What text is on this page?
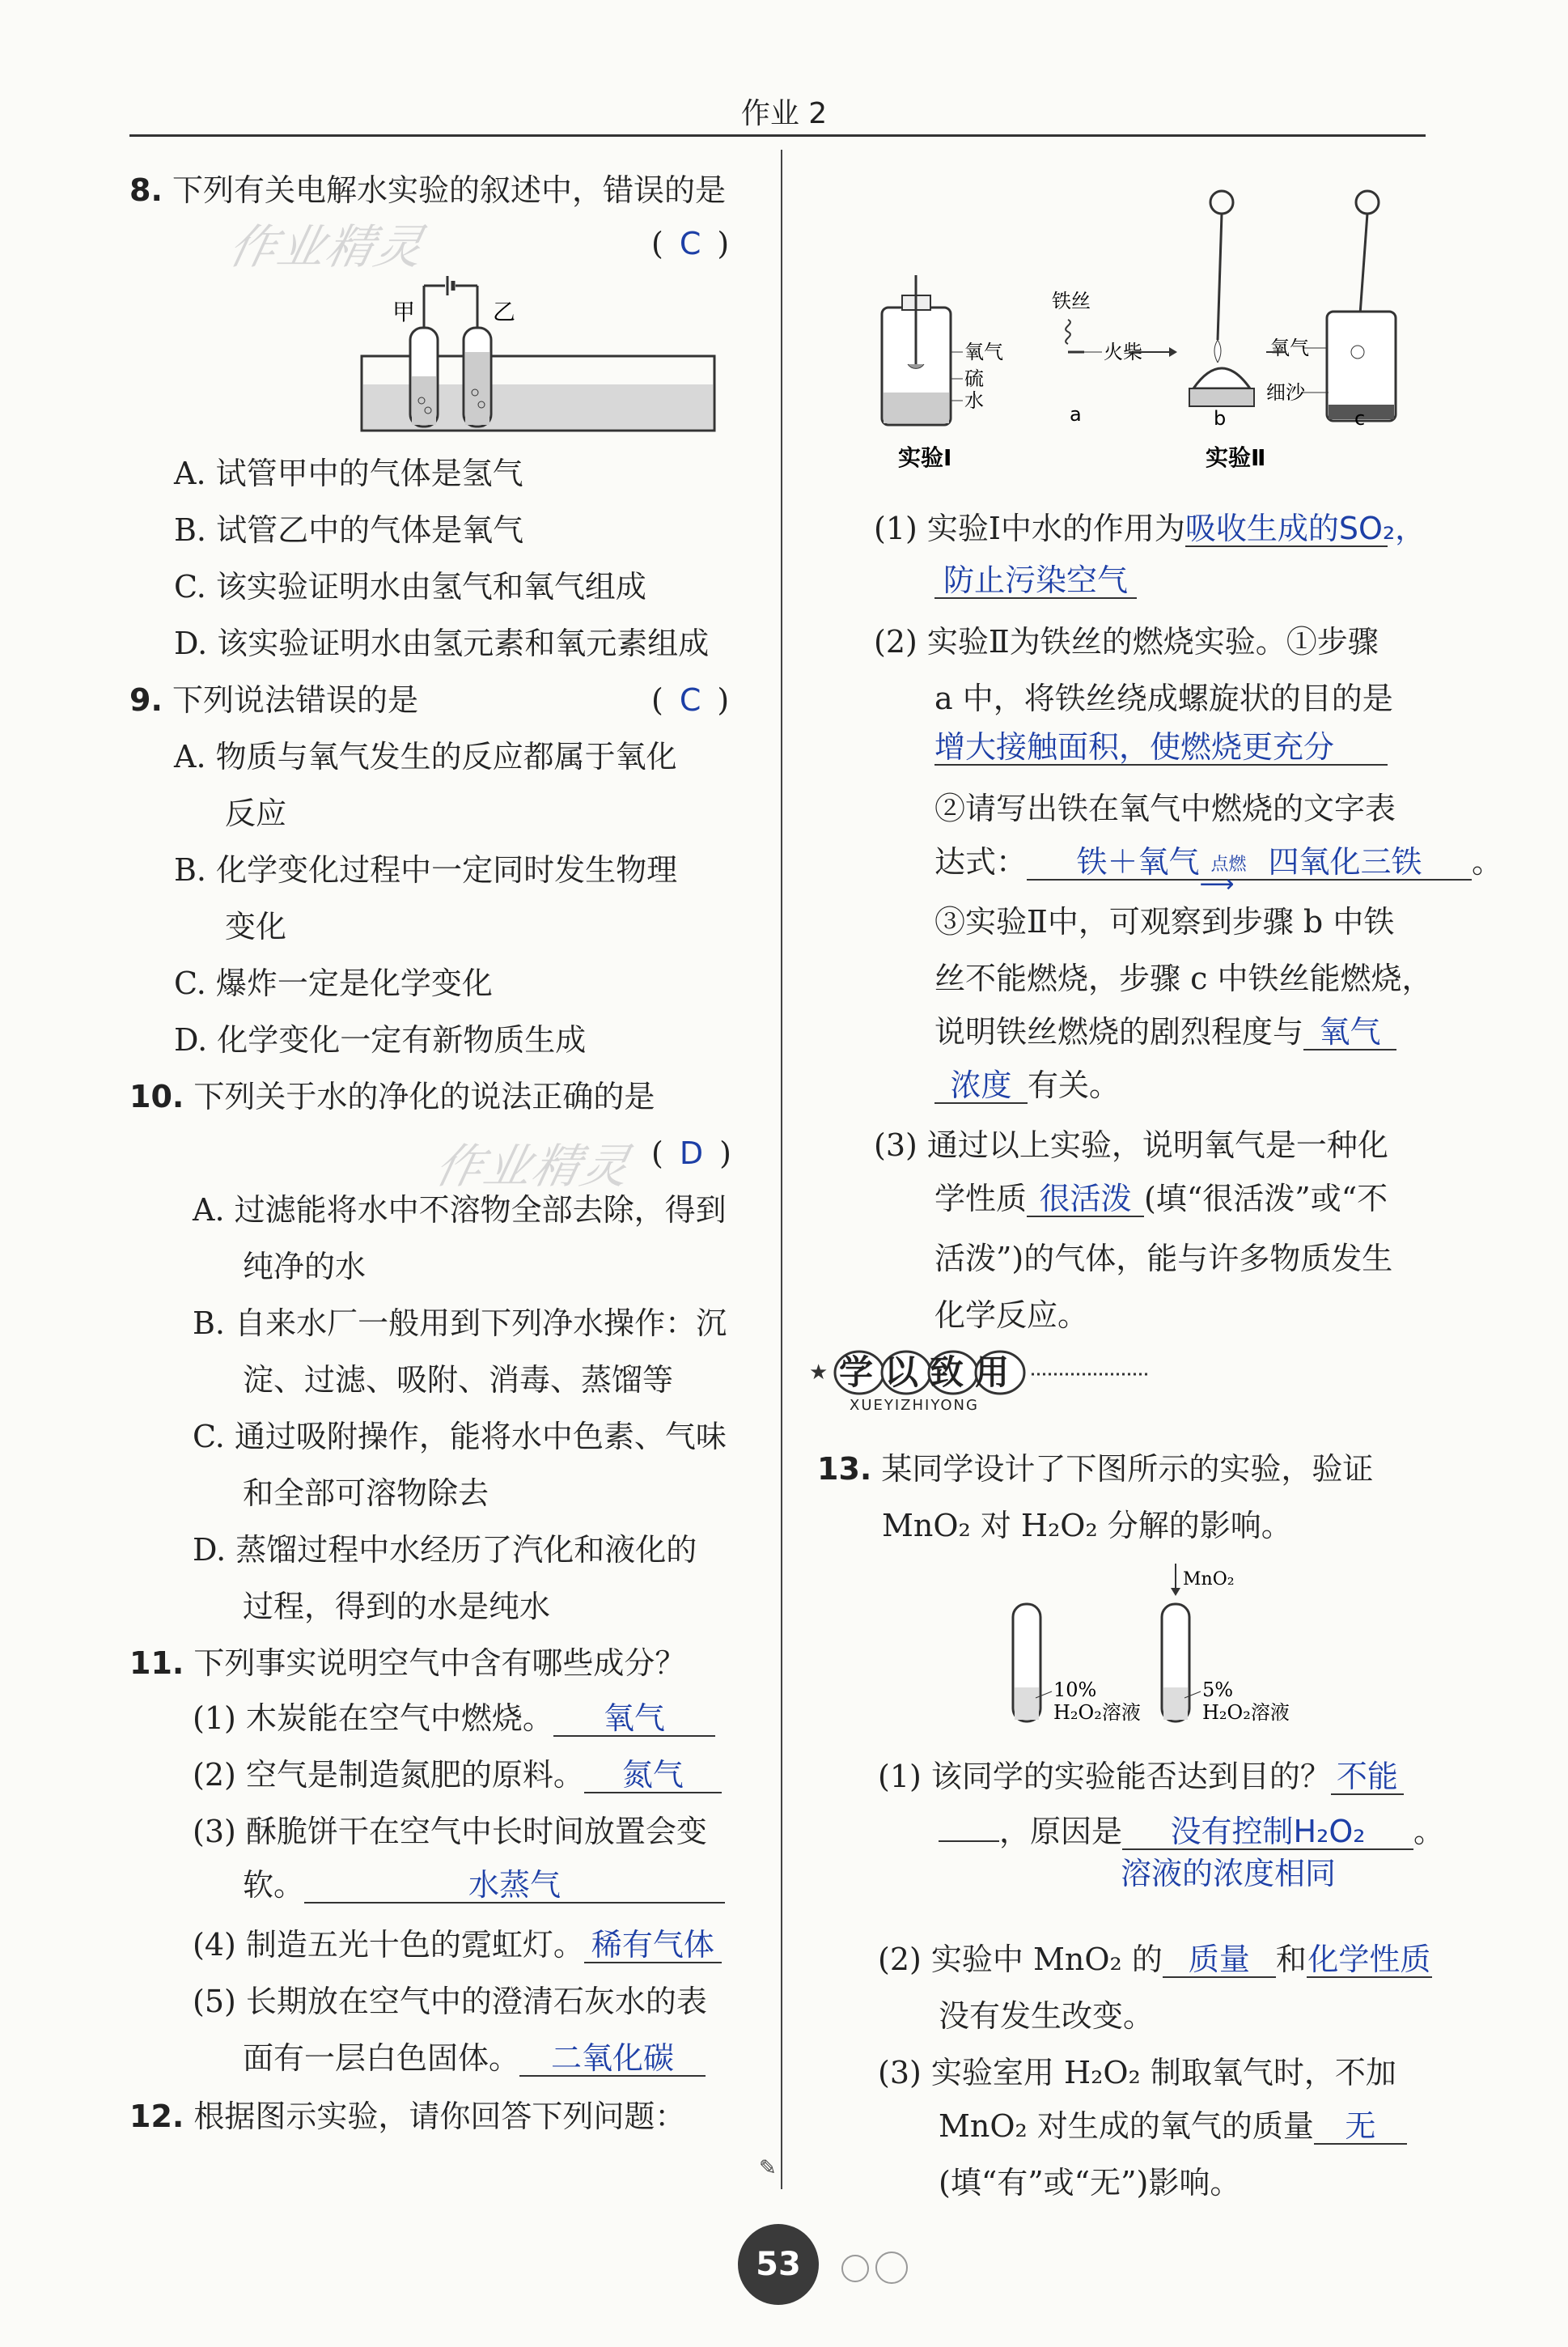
作业 2
作业精灵
作业精灵
8. 下列有关电解水实验的叙述中，错误的是
( C )
甲	乙
A. 试管甲中的气体是氢气
B. 试管乙中的气体是氧气
C. 该实验证明水由氢气和氧气组成
D. 该实验证明水由氢元素和氧元素组成
9. 下列说法错误的是	( C )
A. 物质与氧气发生的反应都属于氧化
反应
B. 化学变化过程中一定同时发生物理
变化
C. 爆炸一定是化学变化
D. 化学变化一定有新物质生成
10. 下列关于水的净化的说法正确的是
( D )
A. 过滤能将水中不溶物全部去除，得到
纯净的水
B. 自来水厂一般用到下列净水操作：沉
淀、过滤、吸附、消毒、蒸馏等
C. 通过吸附操作，能将水中色素、气味
和全部可溶物除去
D. 蒸馏过程中水经历了汽化和液化的
过程，得到的水是纯水
11. 下列事实说明空气中含有哪些成分？
(1) 木炭能在空气中燃烧。 氧气
(2) 空气是制造氮肥的原料。 氮气
(3) 酥脆饼干在空气中长时间放置会变
软。	水蒸气
(4) 制造五光十色的霓虹灯。 稀有气体
(5) 长期放在空气中的澄清石灰水的表
面有一层白色固体。 二氧化碳
12. 根据图示实验，请你回答下列问题：
氧气
硫
水
铁丝
火柴
a	b
氧气
细沙
c
实验Ⅰ	实验Ⅱ
(1) 实验Ⅰ中水的作用为吸收生成的SO₂，
防止污染空气
(2) 实验Ⅱ为铁丝的燃烧实验。①步骤
a 中，将铁丝绕成螺旋状的目的是
增大接触面积，使燃烧更充分
②请写出铁在氧气中燃烧的文字表
达式： 铁＋氧气 点燃
⟶
四氧化三铁 。
③实验Ⅱ中，可观察到步骤 b 中铁
丝不能燃烧，步骤 c 中铁丝能燃烧，
说明铁丝燃烧的剧烈程度与 氧气
浓度 有关。
(3) 通过以上实验，说明氧气是一种化
学性质 很活泼 (填“很活泼”或“不
活泼”)的气体，能与许多物质发生
化学反应。
★ 学以致用
XUEYIZHIYONG
13. 某同学设计了下图所示的实验，验证
MnO₂ 对 H₂O₂ 分解的影响。
MnO₂
10%	5%
H₂O₂溶液	H₂O₂溶液
(1) 该同学的实验能否达到目的？ 不能
，原因是 没有控制H₂O₂ 。
溶液的浓度相同
(2) 实验中 MnO₂ 的 质量 和化学性质
没有发生改变。
(3) 实验室用 H₂O₂ 制取氧气时，不加
MnO₂ 对生成的氧气的质量 无
(填“有”或“无”)影响。
53
✎
